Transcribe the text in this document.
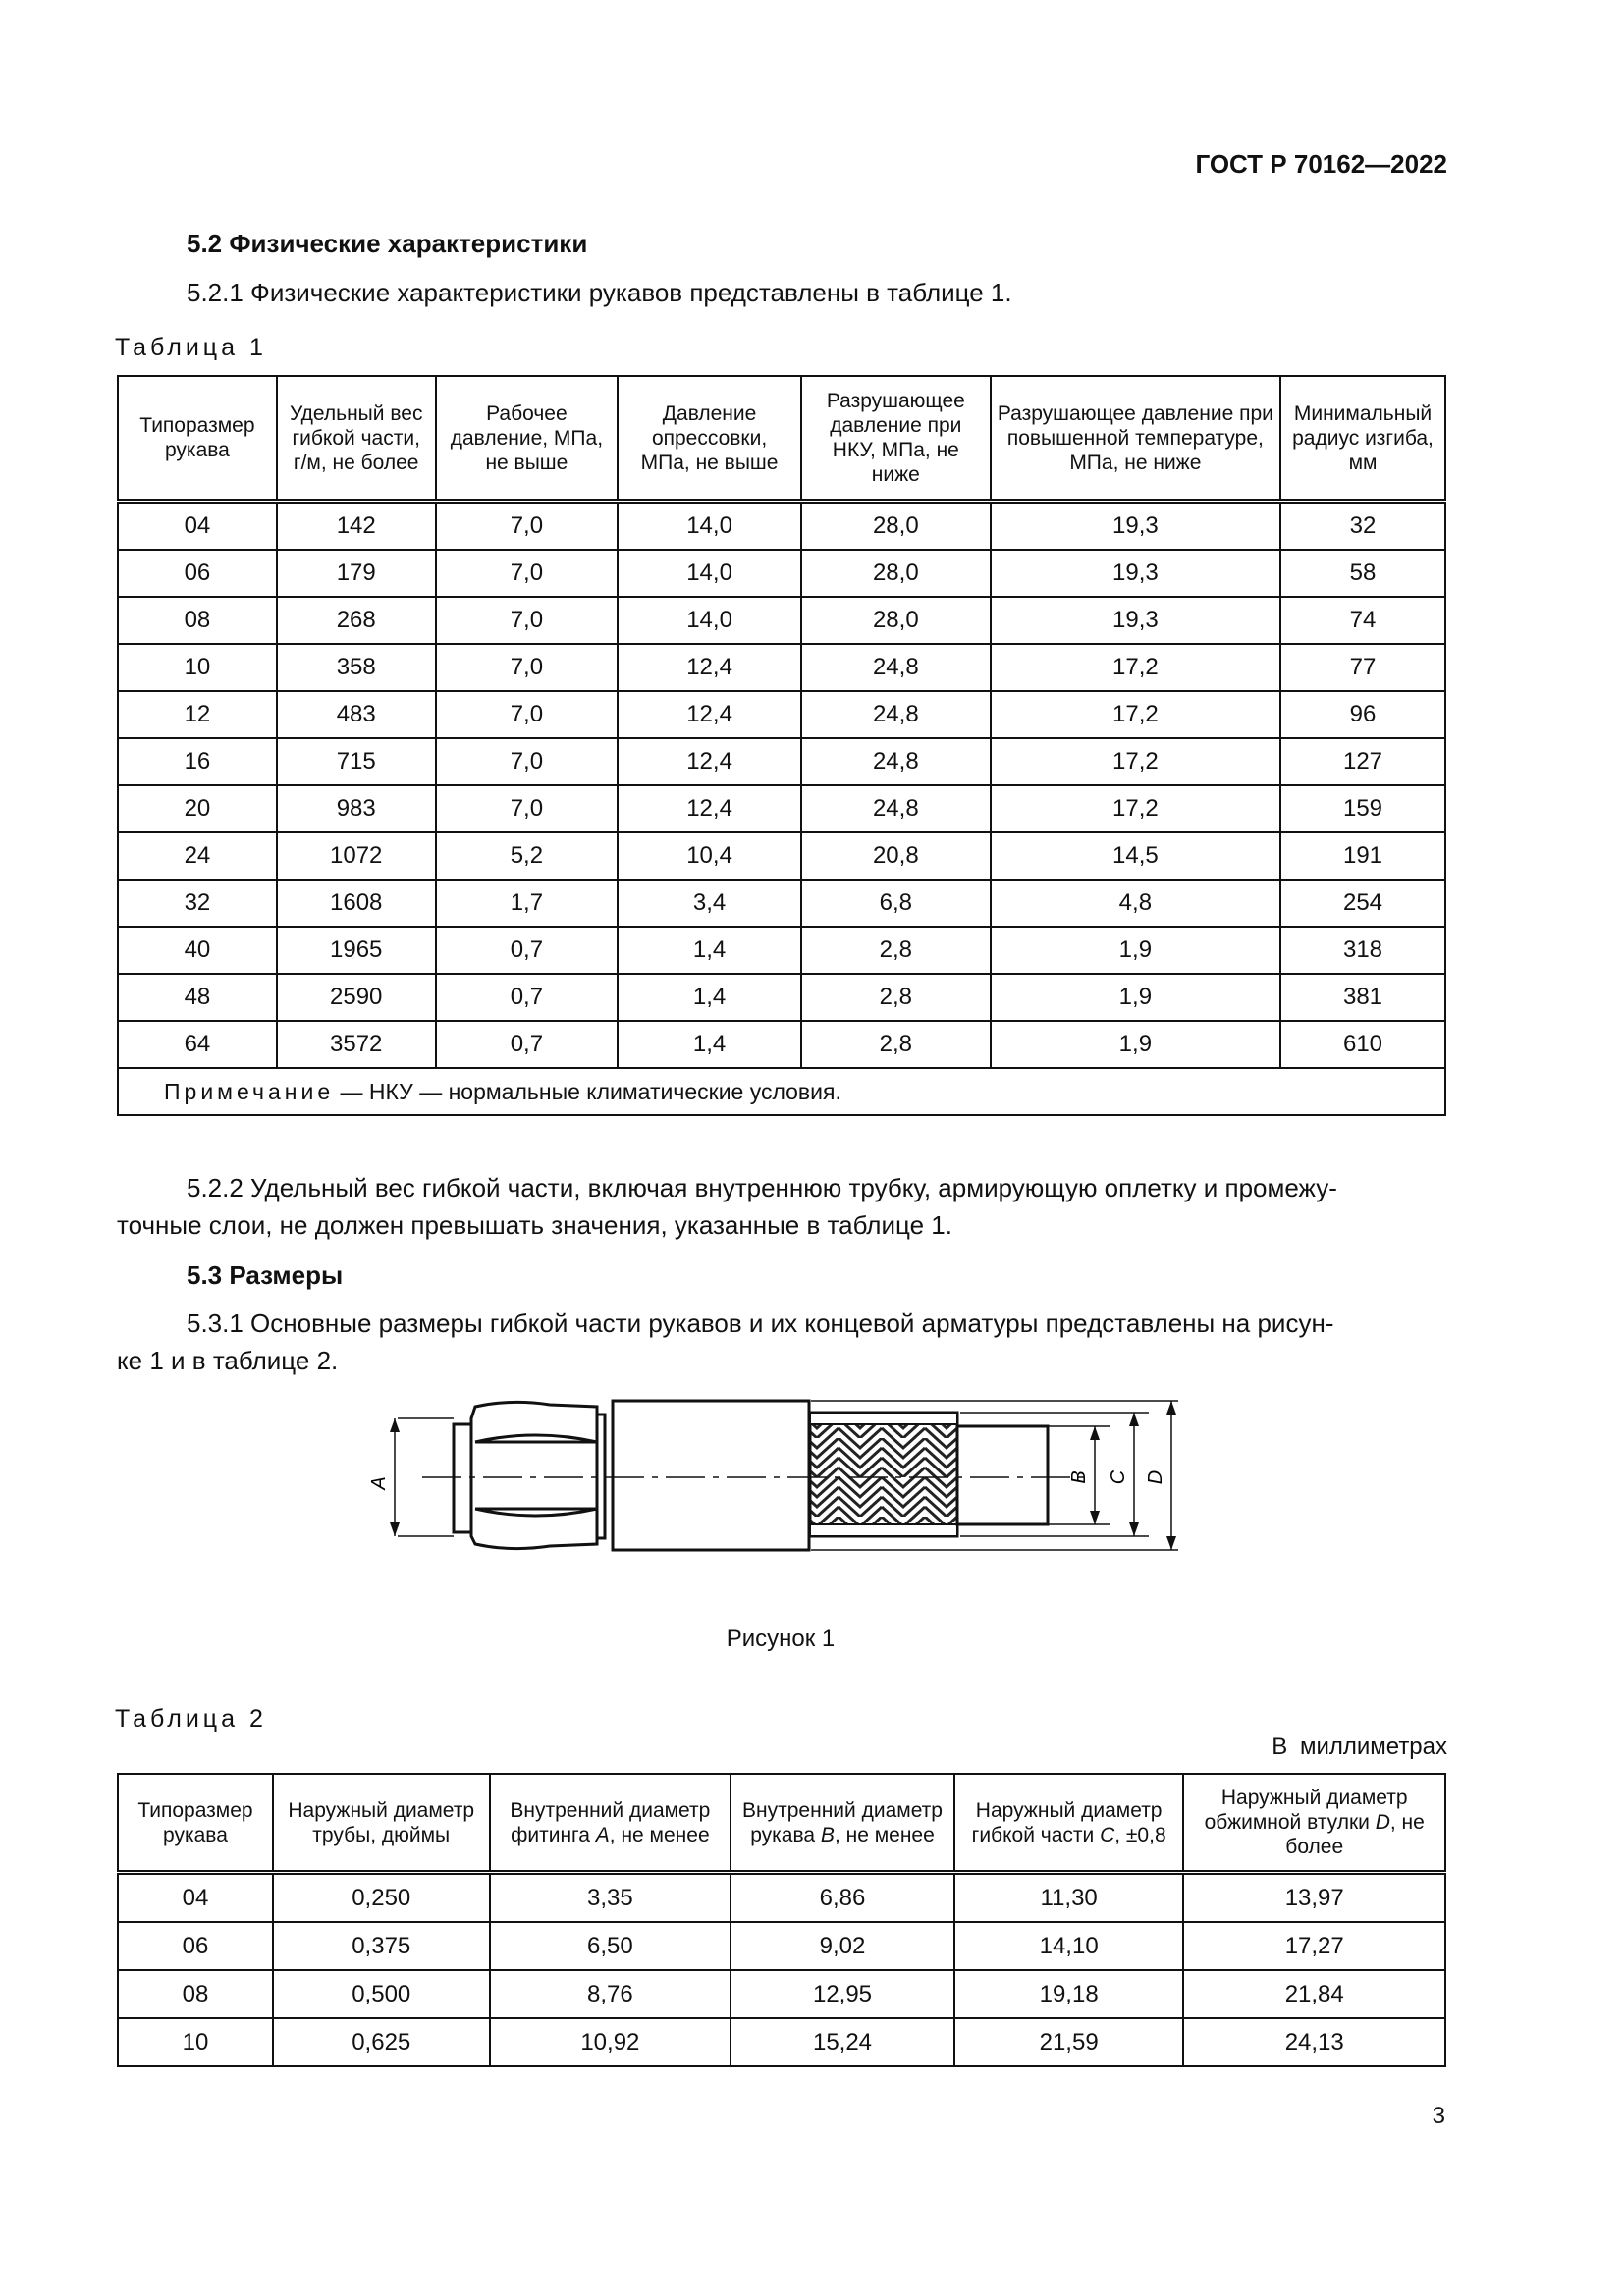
ГОСТ Р 70162—2022
5.2 Физические характеристики
5.2.1 Физические характеристики рукавов представлены в таблице 1.
Таблица 1
Типоразмер рукава	Удельный вес гибкой части, г/м, не более	Рабочее давление, МПа, не выше	Давление опрессовки, МПа, не выше	Разрушающее давление при НКУ, МПа, не ниже	Разрушающее давление при повышенной температуре, МПа, не ниже	Минимальный радиус изгиба, мм
04	142	7,0	14,0	28,0	19,3	32
06	179	7,0	14,0	28,0	19,3	58
08	268	7,0	14,0	28,0	19,3	74
10	358	7,0	12,4	24,8	17,2	77
12	483	7,0	12,4	24,8	17,2	96
16	715	7,0	12,4	24,8	17,2	127
20	983	7,0	12,4	24,8	17,2	159
24	1072	5,2	10,4	20,8	14,5	191
32	1608	1,7	3,4	6,8	4,8	254
40	1965	0,7	1,4	2,8	1,9	318
48	2590	0,7	1,4	2,8	1,9	381
64	3572	0,7	1,4	2,8	1,9	610
Примечание — НКУ — нормальные климатические условия.						
5.2.2 Удельный вес гибкой части, включая внутреннюю трубку, армирующую оплетку и промежу-
точные слои, не должен превышать значения, указанные в таблице 1.
5.3 Размеры
5.3.1 Основные размеры гибкой части рукавов и их концевой арматуры представлены на рисун-
ке 1 и в таблице 2.
A	B C D
Рисунок 1
Таблица 2
В миллиметрах
Типоразмер рукава	Наружный диаметр трубы, дюймы	Внутренний диаметр фитинга A, не менее	Внутренний диаметр рукава B, не менее	Наружный диаметр гибкой части C, ±0,8	Наружный диаметр обжимной втулки D, не более
04	0,250	3,35	6,86	11,30	13,97
06	0,375	6,50	9,02	14,10	17,27
08	0,500	8,76	12,95	19,18	21,84
10	0,625	10,92	15,24	21,59	24,13
3
